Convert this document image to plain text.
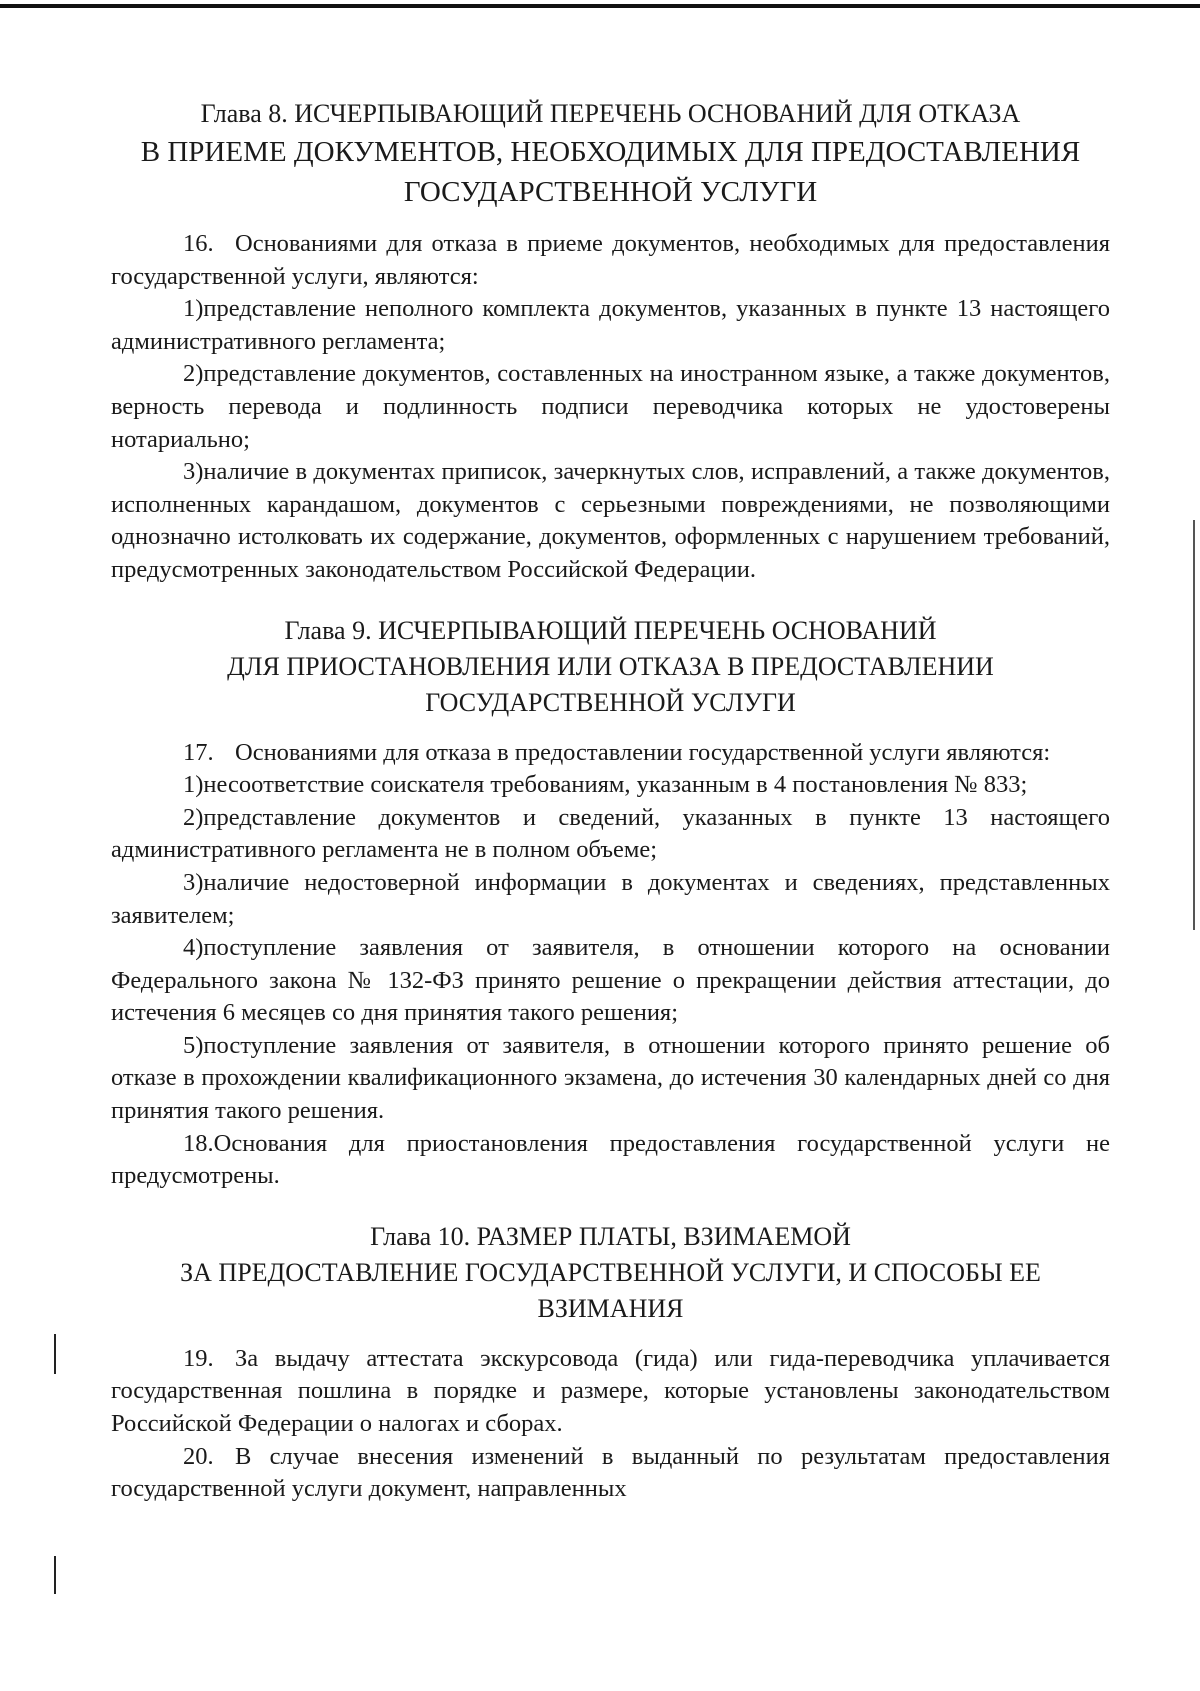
Глава 8. ИСЧЕРПЫВАЮЩИЙ ПЕРЕЧЕНЬ ОСНОВАНИЙ ДЛЯ ОТКАЗА
В ПРИЕМЕ ДОКУМЕНТОВ, НЕОБХОДИМЫХ ДЛЯ ПРЕДОСТАВЛЕНИЯ
ГОСУДАРСТВЕННОЙ УСЛУГИ

16. Основаниями для отказа в приеме документов, необходимых для предоставления государственной услуги, являются:

1)представление неполного комплекта документов, указанных в пункте 13 настоящего административного регламента;

2)представление документов, составленных на иностранном языке, а также документов, верность перевода и подлинность подписи переводчика которых не удостоверены нотариально;

3)наличие в документах приписок, зачеркнутых слов, исправлений, а также документов, исполненных карандашом, документов с серьезными повреждениями, не позволяющими однозначно истолковать их содержание, документов, оформленных с нарушением требований, предусмотренных законодательством Российской Федерации.

Глава 9. ИСЧЕРПЫВАЮЩИЙ ПЕРЕЧЕНЬ ОСНОВАНИЙ
ДЛЯ ПРИОСТАНОВЛЕНИЯ ИЛИ ОТКАЗА В ПРЕДОСТАВЛЕНИИ
ГОСУДАРСТВЕННОЙ УСЛУГИ

17. Основаниями для отказа в предоставлении государственной услуги являются:

1)несоответствие соискателя требованиям, указанным в 4 постановления № 833;

2)представление документов и сведений, указанных в пункте 13 настоящего административного регламента не в полном объеме;

3)наличие недостоверной информации в документах и сведениях, представленных заявителем;

4)поступление заявления от заявителя, в отношении которого на основании Федерального закона № 132-ФЗ принято решение о прекращении действия аттестации, до истечения 6 месяцев со дня принятия такого решения;

5)поступление заявления от заявителя, в отношении которого принято решение об отказе в прохождении квалификационного экзамена, до истечения 30 календарных дней со дня принятия такого решения.

18.Основания для приостановления предоставления государственной услуги не предусмотрены.

Глава 10. РАЗМЕР ПЛАТЫ, ВЗИМАЕМОЙ
ЗА ПРЕДОСТАВЛЕНИЕ ГОСУДАРСТВЕННОЙ УСЛУГИ, И СПОСОБЫ ЕЕ
ВЗИМАНИЯ

19. За выдачу аттестата экскурсовода (гида) или гида-переводчика уплачивается государственная пошлина в порядке и размере, которые установлены законодательством Российской Федерации о налогах и сборах.

20. В случае внесения изменений в выданный по результатам предоставления государственной услуги документ, направленных
